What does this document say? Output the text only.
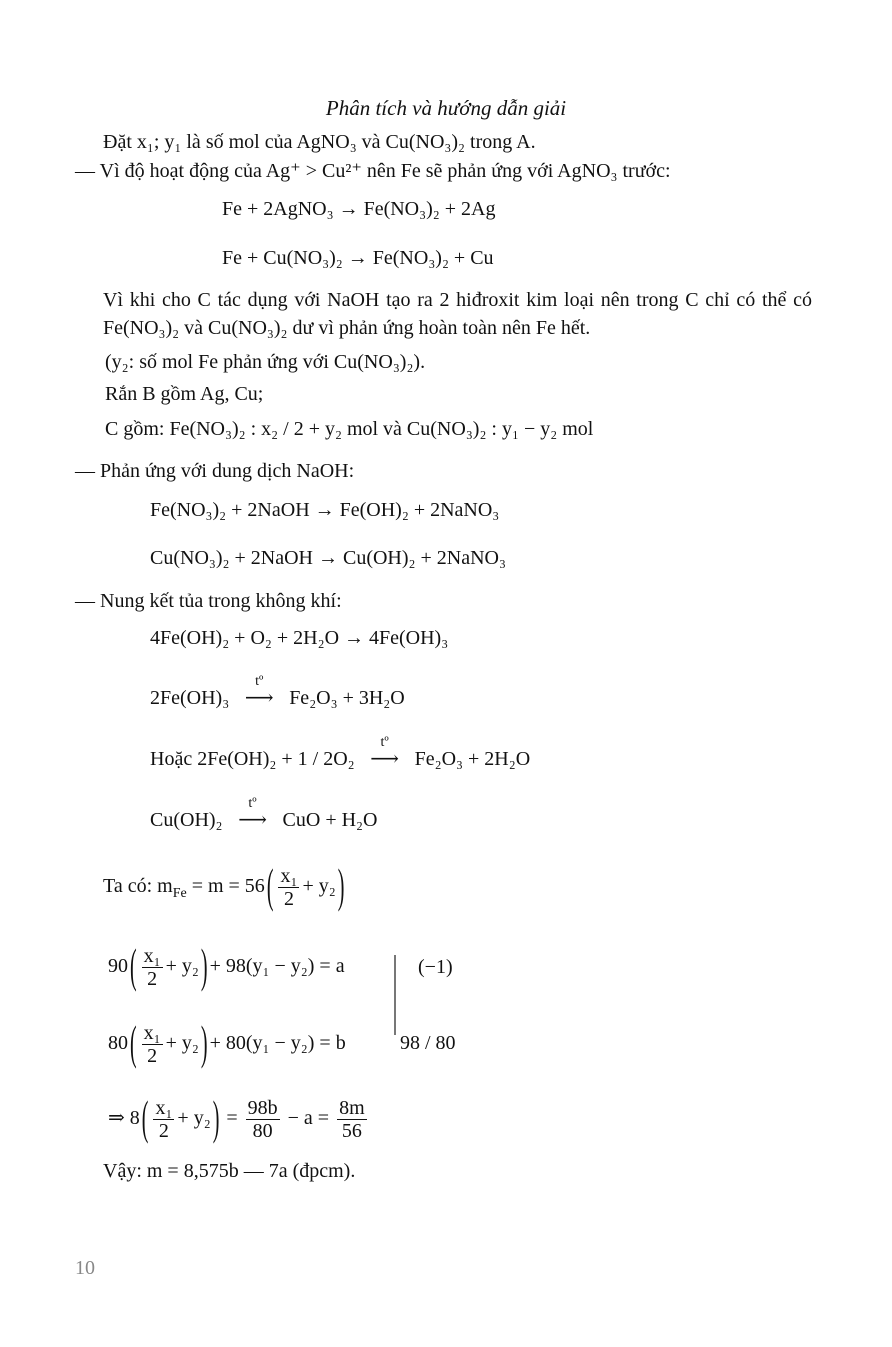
Phân tích và hướng dẫn giải
Đặt x₁; y₁ là số mol của AgNO₃ và Cu(NO₃)₂ trong A.
— Vì độ hoạt động của Ag⁺ > Cu²⁺ nên Fe sẽ phản ứng với AgNO₃ trước:
Fe + 2AgNO₃ → Fe(NO₃)₂ + 2Ag
Fe + Cu(NO₃)₂ → Fe(NO₃)₂ + Cu
Vì khi cho C tác dụng với NaOH tạo ra 2 hiđroxit kim loại nên trong C chỉ có thể có Fe(NO₃)₂ và Cu(NO₃)₂ dư vì phản ứng hoàn toàn nên Fe hết.
(y₂: số mol Fe phản ứng với Cu(NO₃)₂).
Rắn B gồm Ag, Cu;
C gồm: Fe(NO₃)₂ : x₂ / 2 + y₂ mol và Cu(NO₃)₂ : y₁ − y₂ mol
— Phản ứng với dung dịch NaOH:
Fe(NO₃)₂ + 2NaOH → Fe(OH)₂ + 2NaNO₃
Cu(NO₃)₂ + 2NaOH → Cu(OH)₂ + 2NaNO₃
— Nung kết tủa trong không khí:
4Fe(OH)₂ + O₂ + 2H₂O → 4Fe(OH)₃
2Fe(OH)₃
tº
⟶ Fe₂O₃ + 3H₂O
Hoặc 2Fe(OH)₂ + 1 / 2O₂
tº
⟶ Fe₂O₃ + 2H₂O
Cu(OH)₂
tº
⟶ CuO + H₂O
Ta có: $m_{Fe} = m = 56$ ( $\frac{\text{x₁}}{2} + y_2$ )
90 ( $\frac{\text{x₁}}{2} + y_2$ ) + 98(y₁ − y₂) = a	(−1)
80 ( $\frac{\text{x₁}}{2} + y_2$ ) + 80(y₁ − y₂) = b	98 / 80
⇒ 8 ( $\frac{\text{x₁}}{2} + y_2$ ) = $\frac{98b}{80} - a = \frac{8m}{56}$
Vậy: m = 8,575b — 7a (đpcm).
10
